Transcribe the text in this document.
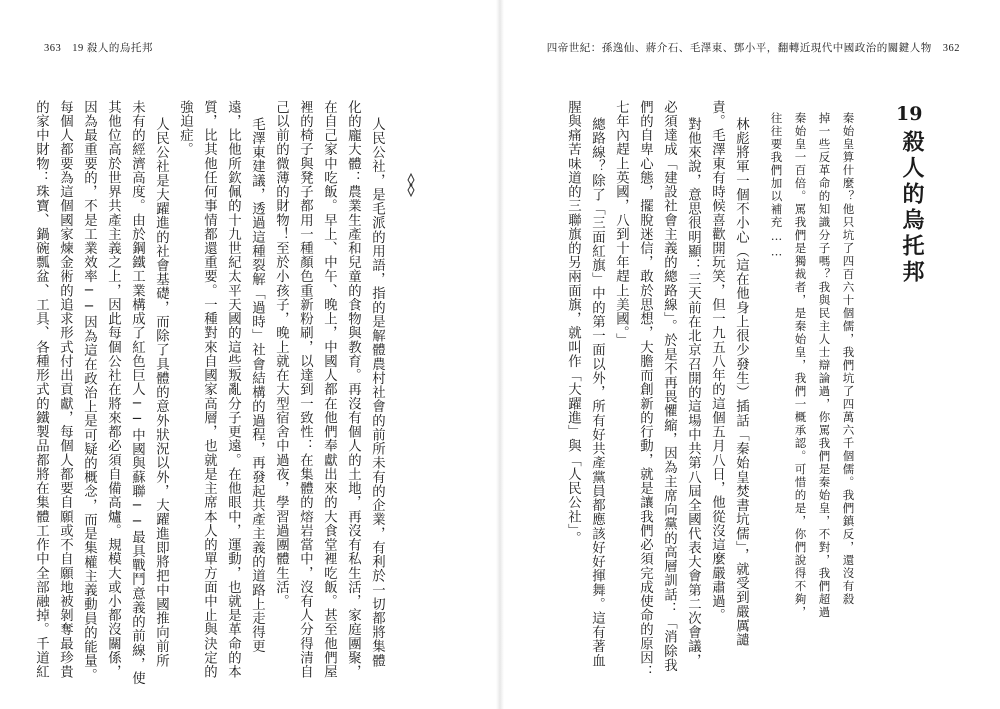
363　19 殺人的烏托邦
人民公社，是毛派的用語，指的是解體農村社會的前所未有的企業，有利於一切都將集體
化的龐大體：農業生產和兒童的食物與教育。再沒有個人的土地，再沒有私生活，家庭團聚，
在自己家中吃飯。早上、中午、晚上，中國人都在他們奉獻出來的大食堂裡吃飯。甚至他們屋
裡的椅子與凳子都用一種顏色重新粉刷，以達到一致性：在集體的熔岩當中，沒有人分得清自
己以前的微薄的財物！至於小孩子，晚上就在大型宿舍中過夜，學習過團體生活。
毛澤東建議，透過這種裂解「過時」社會結構的過程，再發起共產主義的道路上走得更
遠，比他所欽佩的十九世紀太平天國的這些叛亂分子更遠。在他眼中，運動，也就是革命的本
質，比其他任何事情都還重要。一種對來自國家高層，也就是主席本人的單方面中止與決定的
強迫症。
人民公社是大躍進的社會基礎，而除了具體的意外狀況以外，大躍進即將把中國推向前所
未有的經濟高度。由於鋼鐵工業構成了紅色巨人──中國與蘇聯──最具戰鬥意義的前線，使
其他位高於世界共產主義之上，因此每個公社在將來都必須自備高爐。規模大或小都沒關係，
因為最重要的，不是工業效率──因為這在政治上是可疑的概念，而是集權主義動員的能量。
每個人都要為這個國家煉金術的追求形式付出貢獻，每個人都要自願或不自願地被剝奪最珍貴
的家中財物：珠寶、鍋碗瓢盆、工具、各種形式的鐵製品都將在集體工作中全部融掉。千道紅
四帝世紀：孫逸仙、蔣介石、毛澤東、鄧小平，翻轉近現代中國政治的關鍵人物　362
19
殺人的烏托邦
秦始皇算什麼？他只坑了四百六十個儒，我們坑了四萬六千個儒。我們鎮反，還沒有殺
掉一些反革命的知識分子嗎？我與民主人士辯論過，你罵我們是秦始皇，不對，我們超過
秦始皇一百倍。罵我們是獨裁者，是秦始皇，我們一概承認。可惜的是，你們說得不夠，
往往要我們加以補充……
林彪將軍一個不小心（這在他身上很少發生）插話「秦始皇焚書坑儒」，就受到嚴厲譴
責。毛澤東有時候喜歡開玩笑，但一九五八年的這個五月八日，他從沒這麼嚴肅過。
對他來說，意思很明顯：三天前在北京召開的這場中共第八屆全國代表大會第二次會議，
必須達成「建設社會主義的總路線」。於是不再畏懼縮，因為主席向黨的高層訓話：「消除我
們的自卑心態，擺脫迷信，敢於思想，大膽而創新的行動，就是讓我們必須完成使命的原因：
七年內趕上英國，八到十年趕上美國。」
總路線？除了「三面紅旗」中的第一面以外，所有好共產黨員都應該好好揮舞。這有著血
腥與痛苦味道的三聯旗的另兩面旗，就叫作「大躍進」與「人民公社」。
